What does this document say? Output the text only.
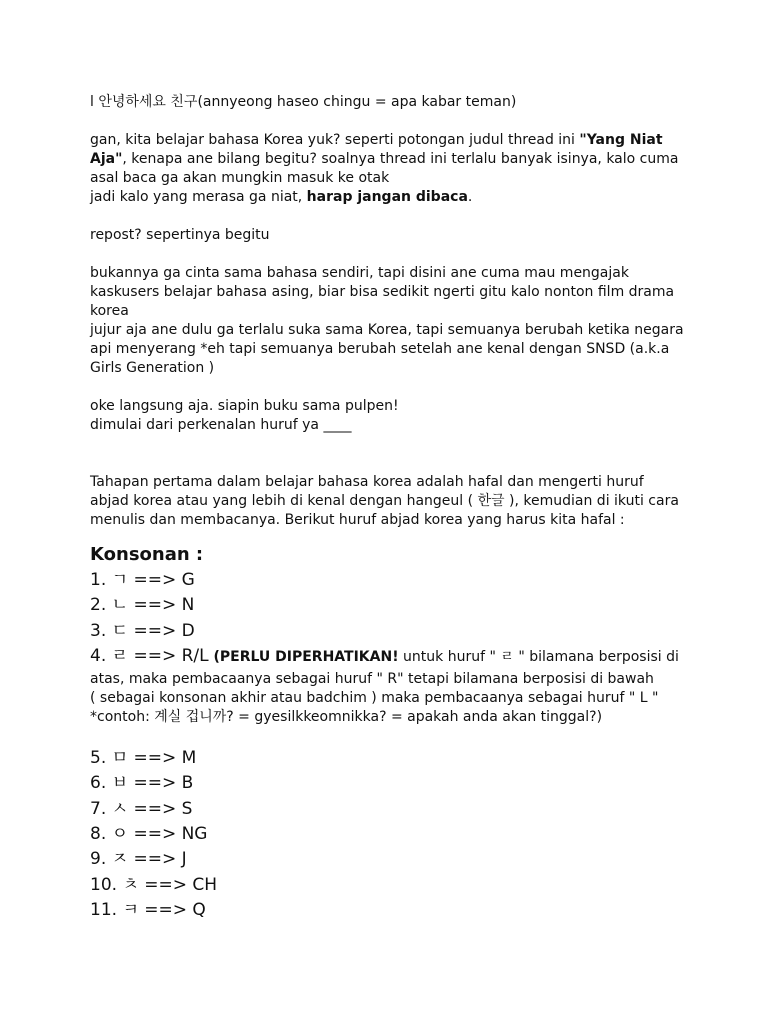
l 안녕하세요 친구(annyeong haseo chingu = apa kabar teman)

gan, kita belajar bahasa Korea yuk? seperti potongan judul thread ini "Yang Niat

Aja", kenapa ane bilang begitu? soalnya thread ini terlalu banyak isinya, kalo cuma

asal baca ga akan mungkin masuk ke otak

jadi kalo yang merasa ga niat, harap jangan dibaca.

repost? sepertinya begitu

bukannya ga cinta sama bahasa sendiri, tapi disini ane cuma mau mengajak

kaskusers belajar bahasa asing, biar bisa sedikit ngerti gitu kalo nonton film drama

korea

jujur aja ane dulu ga terlalu suka sama Korea, tapi semuanya berubah ketika negara

api menyerang *eh tapi semuanya berubah setelah ane kenal dengan SNSD (a.k.a

Girls Generation )

oke langsung aja. siapin buku sama pulpen!

dimulai dari perkenalan huruf ya ____

Tahapan pertama dalam belajar bahasa korea adalah hafal dan mengerti huruf

abjad korea atau yang lebih di kenal dengan hangeul ( 한글 ), kemudian di ikuti cara

menulis dan membacanya. Berikut huruf abjad korea yang harus kita hafal :

Konsonan :
1. ㄱ ==> G
2. ㄴ ==> N
3. ㄷ ==> D
4. ㄹ ==> R/L (PERLU DIPERHATIKAN! untuk huruf " ㄹ " bilamana berposisi di

atas, maka pembacaanya sebagai huruf " R" tetapi bilamana berposisi di bawah

( sebagai konsonan akhir atau badchim ) maka pembacaanya sebagai huruf " L "

*contoh: 계실 겁니까? = gyesilkkeomnikka? = apakah anda akan tinggal?)

5. ㅁ ==> M
6. ㅂ ==> B
7. ㅅ ==> S
8. ㅇ ==> NG
9. ㅈ ==> J
10. ㅊ ==> CH
11. ㅋ ==> Q
